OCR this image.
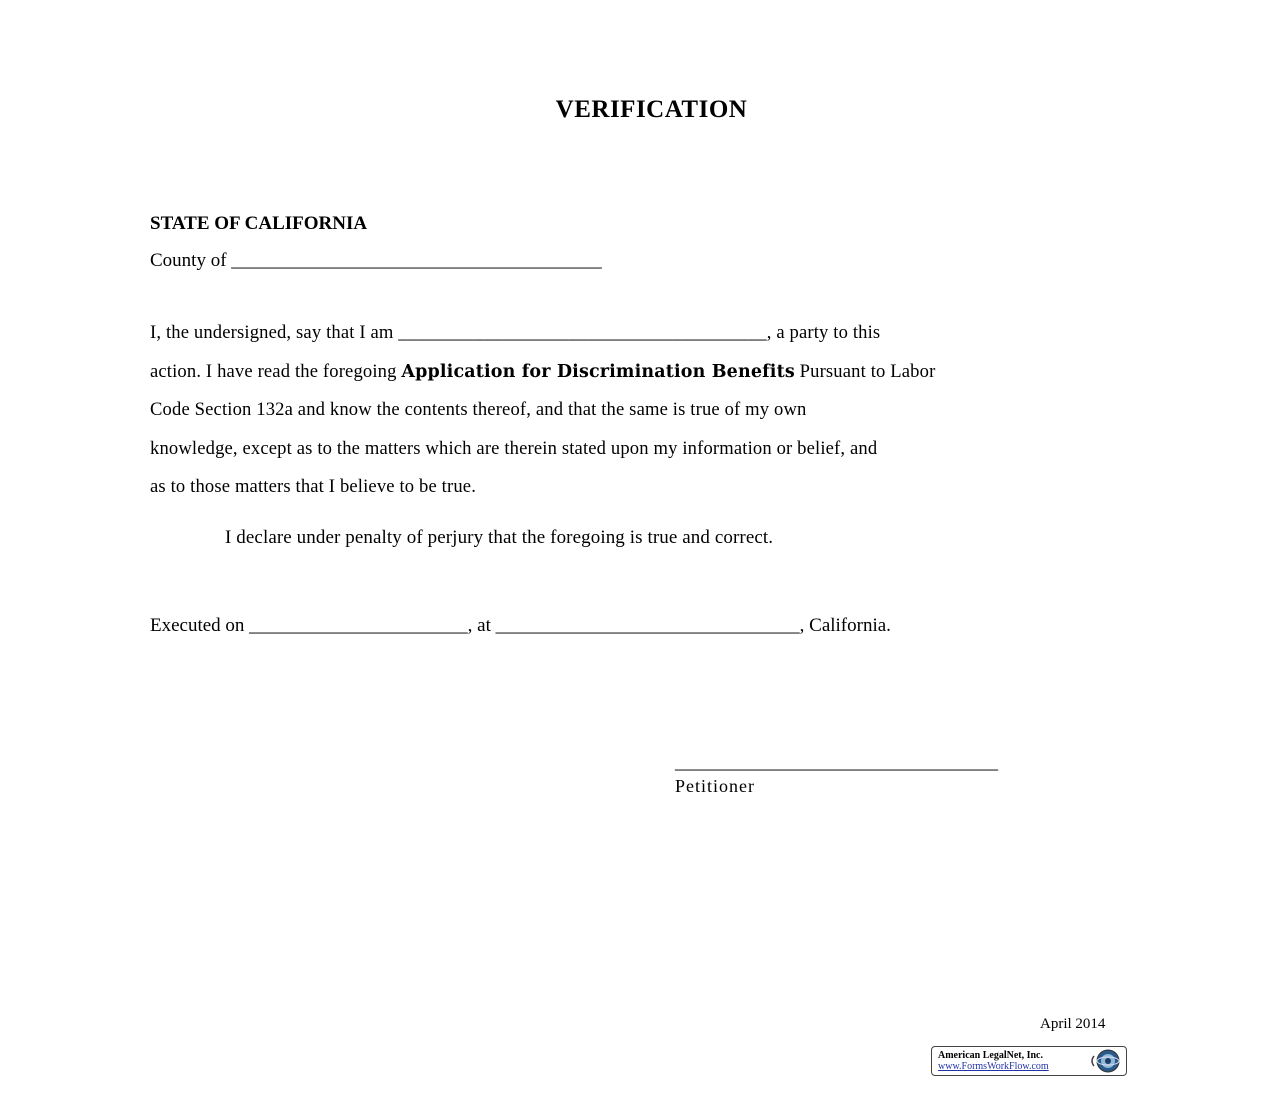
VERIFICATION
STATE OF CALIFORNIA
County of _______________________________________
I, the undersigned, say that I am _______________________________________, a party to this
action. I have read the foregoing Application for Discrimination Benefits Pursuant to Labor
Code Section 132a and know the contents thereof, and that the same is true of my own
knowledge, except as to the matters which are therein stated upon my information or belief, and
as to those matters that I believe to be true.
I declare under penalty of perjury that the foregoing is true and correct.
Executed on _______________________, at ________________________________, California.
__________________________________
Petitioner
April 2014
American LegalNet, Inc.
www.FormsWorkFlow.com
